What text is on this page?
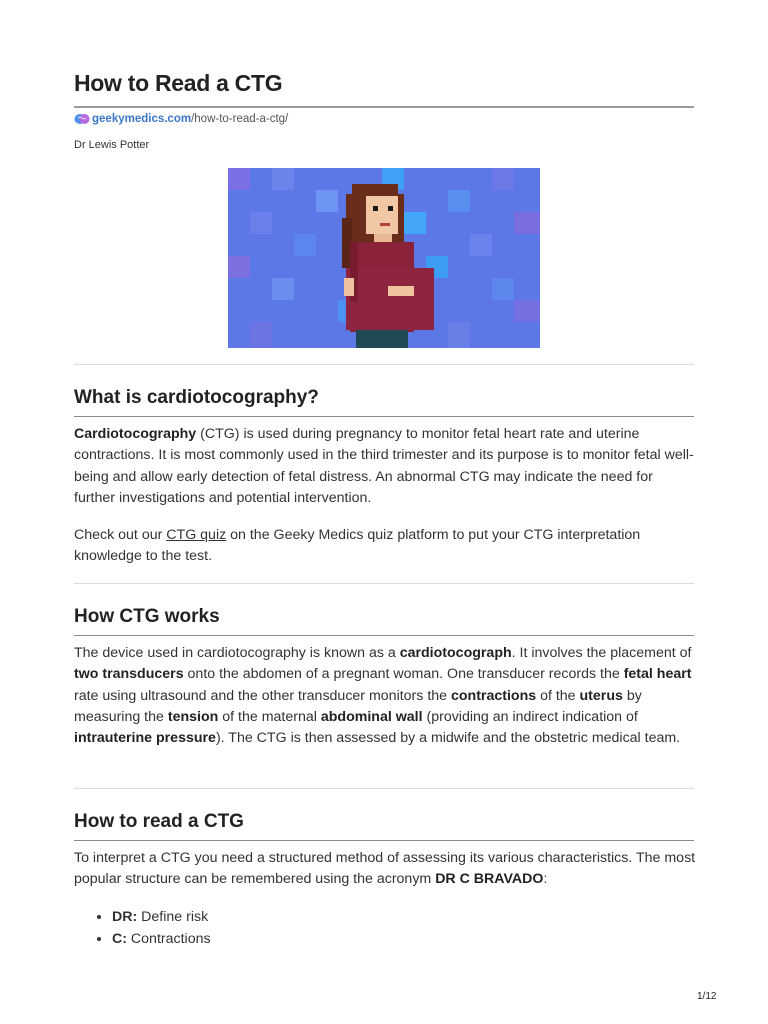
How to Read a CTG
geekymedics.com /how-to-read-a-ctg/
Dr Lewis Potter
What is cardiotocography?

Cardiotocography (CTG) is used during pregnancy to monitor fetal heart rate and uterine contractions. It is most commonly used in the third trimester and its purpose is to monitor fetal well-being and allow early detection of fetal distress. An abnormal CTG may indicate the need for further investigations and potential intervention.

Check out our CTG quiz on the Geeky Medics quiz platform to put your CTG interpretation knowledge to the test.

How CTG works

The device used in cardiotocography is known as a cardiotocograph. It involves the placement of two transducers onto the abdomen of a pregnant woman. One transducer records the fetal heart rate using ultrasound and the other transducer monitors the contractions of the uterus by measuring the tension of the maternal abdominal wall (providing an indirect indication of intrauterine pressure). The CTG is then assessed by a midwife and the obstetric medical team.

How to read a CTG

To interpret a CTG you need a structured method of assessing its various characteristics. The most popular structure can be remembered using the acronym DR C BRAVADO:

• DR: Define risk
• C: Contractions
1/12
